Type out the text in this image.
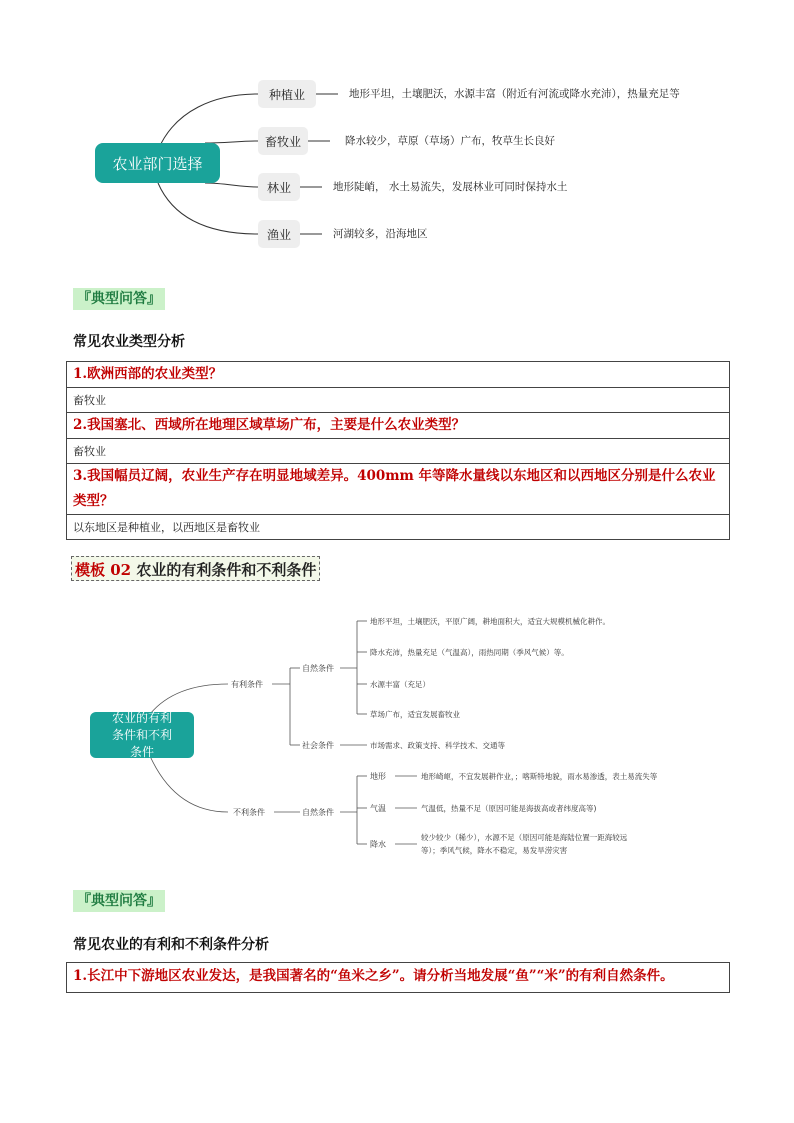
农业部门选择
种植业	地形平坦，土壤肥沃，水源丰富（附近有河流或降水充沛），热量充足等
畜牧业	降水较少，草原（草场）广布，牧草生长良好
林业	地形陡峭， 水土易流失，发展林业可同时保持水土
渔业	河湖较多，沿海地区
『典型问答』
常见农业类型分析
1.欧洲西部的农业类型？
畜牧业
2.我国塞北、西域所在地理区域草场广布，主要是什么农业类型？
畜牧业
3.我国幅员辽阔，农业生产存在明显地域差异。400mm 年等降水量线以东地区和以西地区分别是什么农业类型？
以东地区是种植业，以西地区是畜牧业
模板 02 农业的有利条件和不利条件
农业的有利条件和不利条件
有利条件
自然条件
地形平坦，土壤肥沃，平原广阔，耕地面积大，适宜大规模机械化耕作。
降水充沛，热量充足（气温高），雨热同期（季风气候）等。
水源丰富（充足）
草场广布，适宜发展畜牧业
社会条件	市场需求、政策支持、科学技术、交通等
不利条件	自然条件
地形	地形崎岖，不宜发展耕作业，；喀斯特地貌，雨水易渗透，表土易流失等
气温	气温低，热量不足（原因可能是海拔高或者纬度高等)
降水
较少较少（稀少），水源不足（原因可能是海陆位置一距海较远
等）；季风气候，降水不稳定，易发旱涝灾害
『典型问答』
常见农业的有利和不利条件分析
1.长江中下游地区农业发达，是我国著名的“鱼米之乡”。请分析当地发展“鱼”“米”的有利自然条件。
